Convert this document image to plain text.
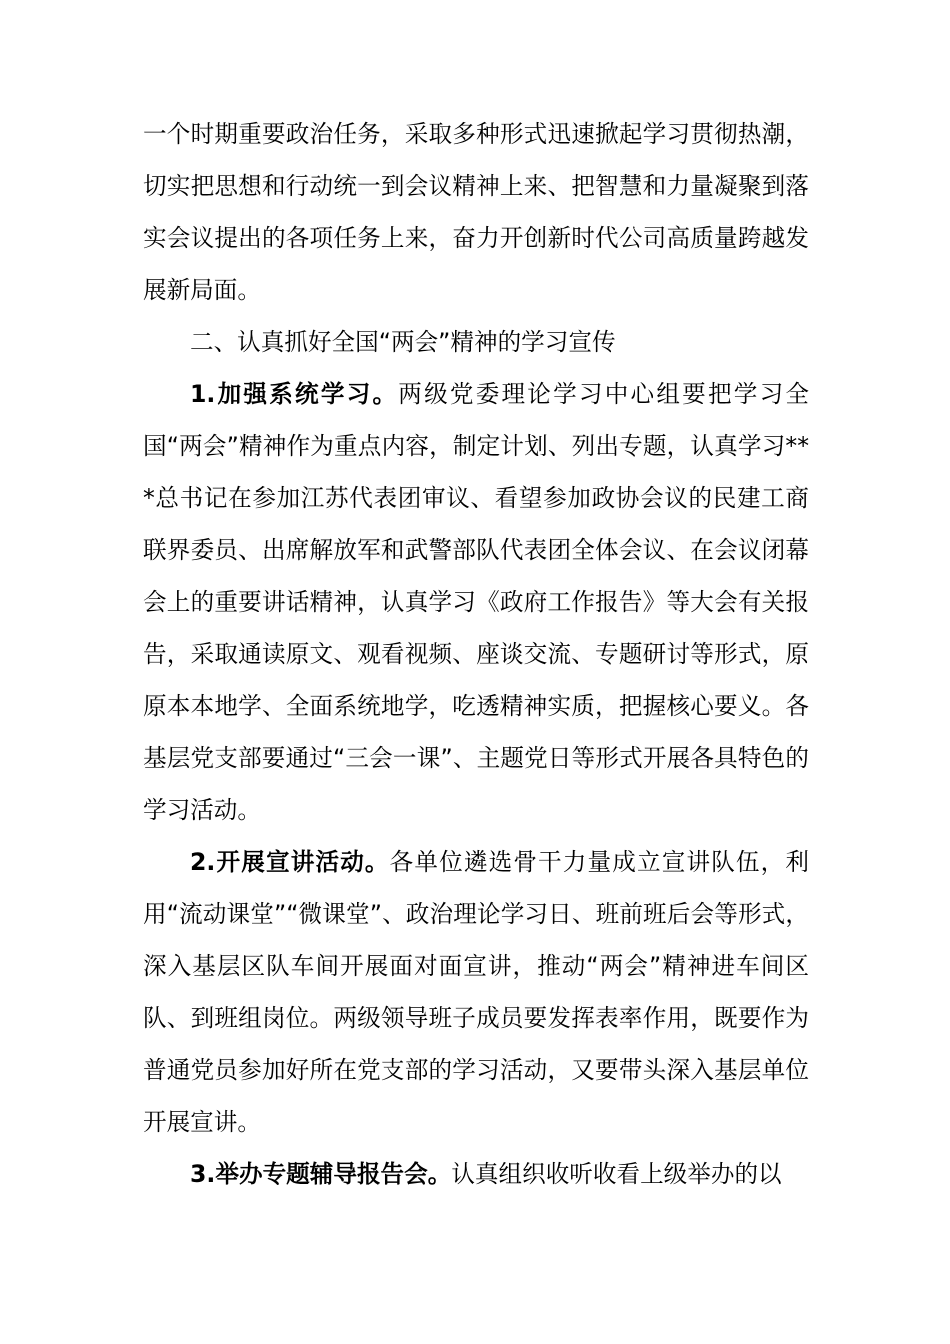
一个时期重要政治任务，采取多种形式迅速掀起学习贯彻热潮，切实把思想和行动统一到会议精神上来、把智慧和力量凝聚到落实会议提出的各项任务上来，奋力开创新时代公司高质量跨越发展新局面。

二、认真抓好全国“两会”精神的学习宣传

1.加强系统学习。两级党委理论学习中心组要把学习全国“两会”精神作为重点内容，制定计划、列出专题，认真学习***总书记在参加江苏代表团审议、看望参加政协会议的民建工商联界委员、出席解放军和武警部队代表团全体会议、在会议闭幕会上的重要讲话精神，认真学习《政府工作报告》等大会有关报告，采取通读原文、观看视频、座谈交流、专题研讨等形式，原原本本地学、全面系统地学，吃透精神实质，把握核心要义。各基层党支部要通过“三会一课”、主题党日等形式开展各具特色的学习活动。

2.开展宣讲活动。各单位遴选骨干力量成立宣讲队伍，利用“流动课堂”“微课堂”、政治理论学习日、班前班后会等形式，深入基层区队车间开展面对面宣讲，推动“两会”精神进车间区队、到班组岗位。两级领导班子成员要发挥表率作用，既要作为普通党员参加好所在党支部的学习活动，又要带头深入基层单位开展宣讲。

3.举办专题辅导报告会。认真组织收听收看上级举办的以
